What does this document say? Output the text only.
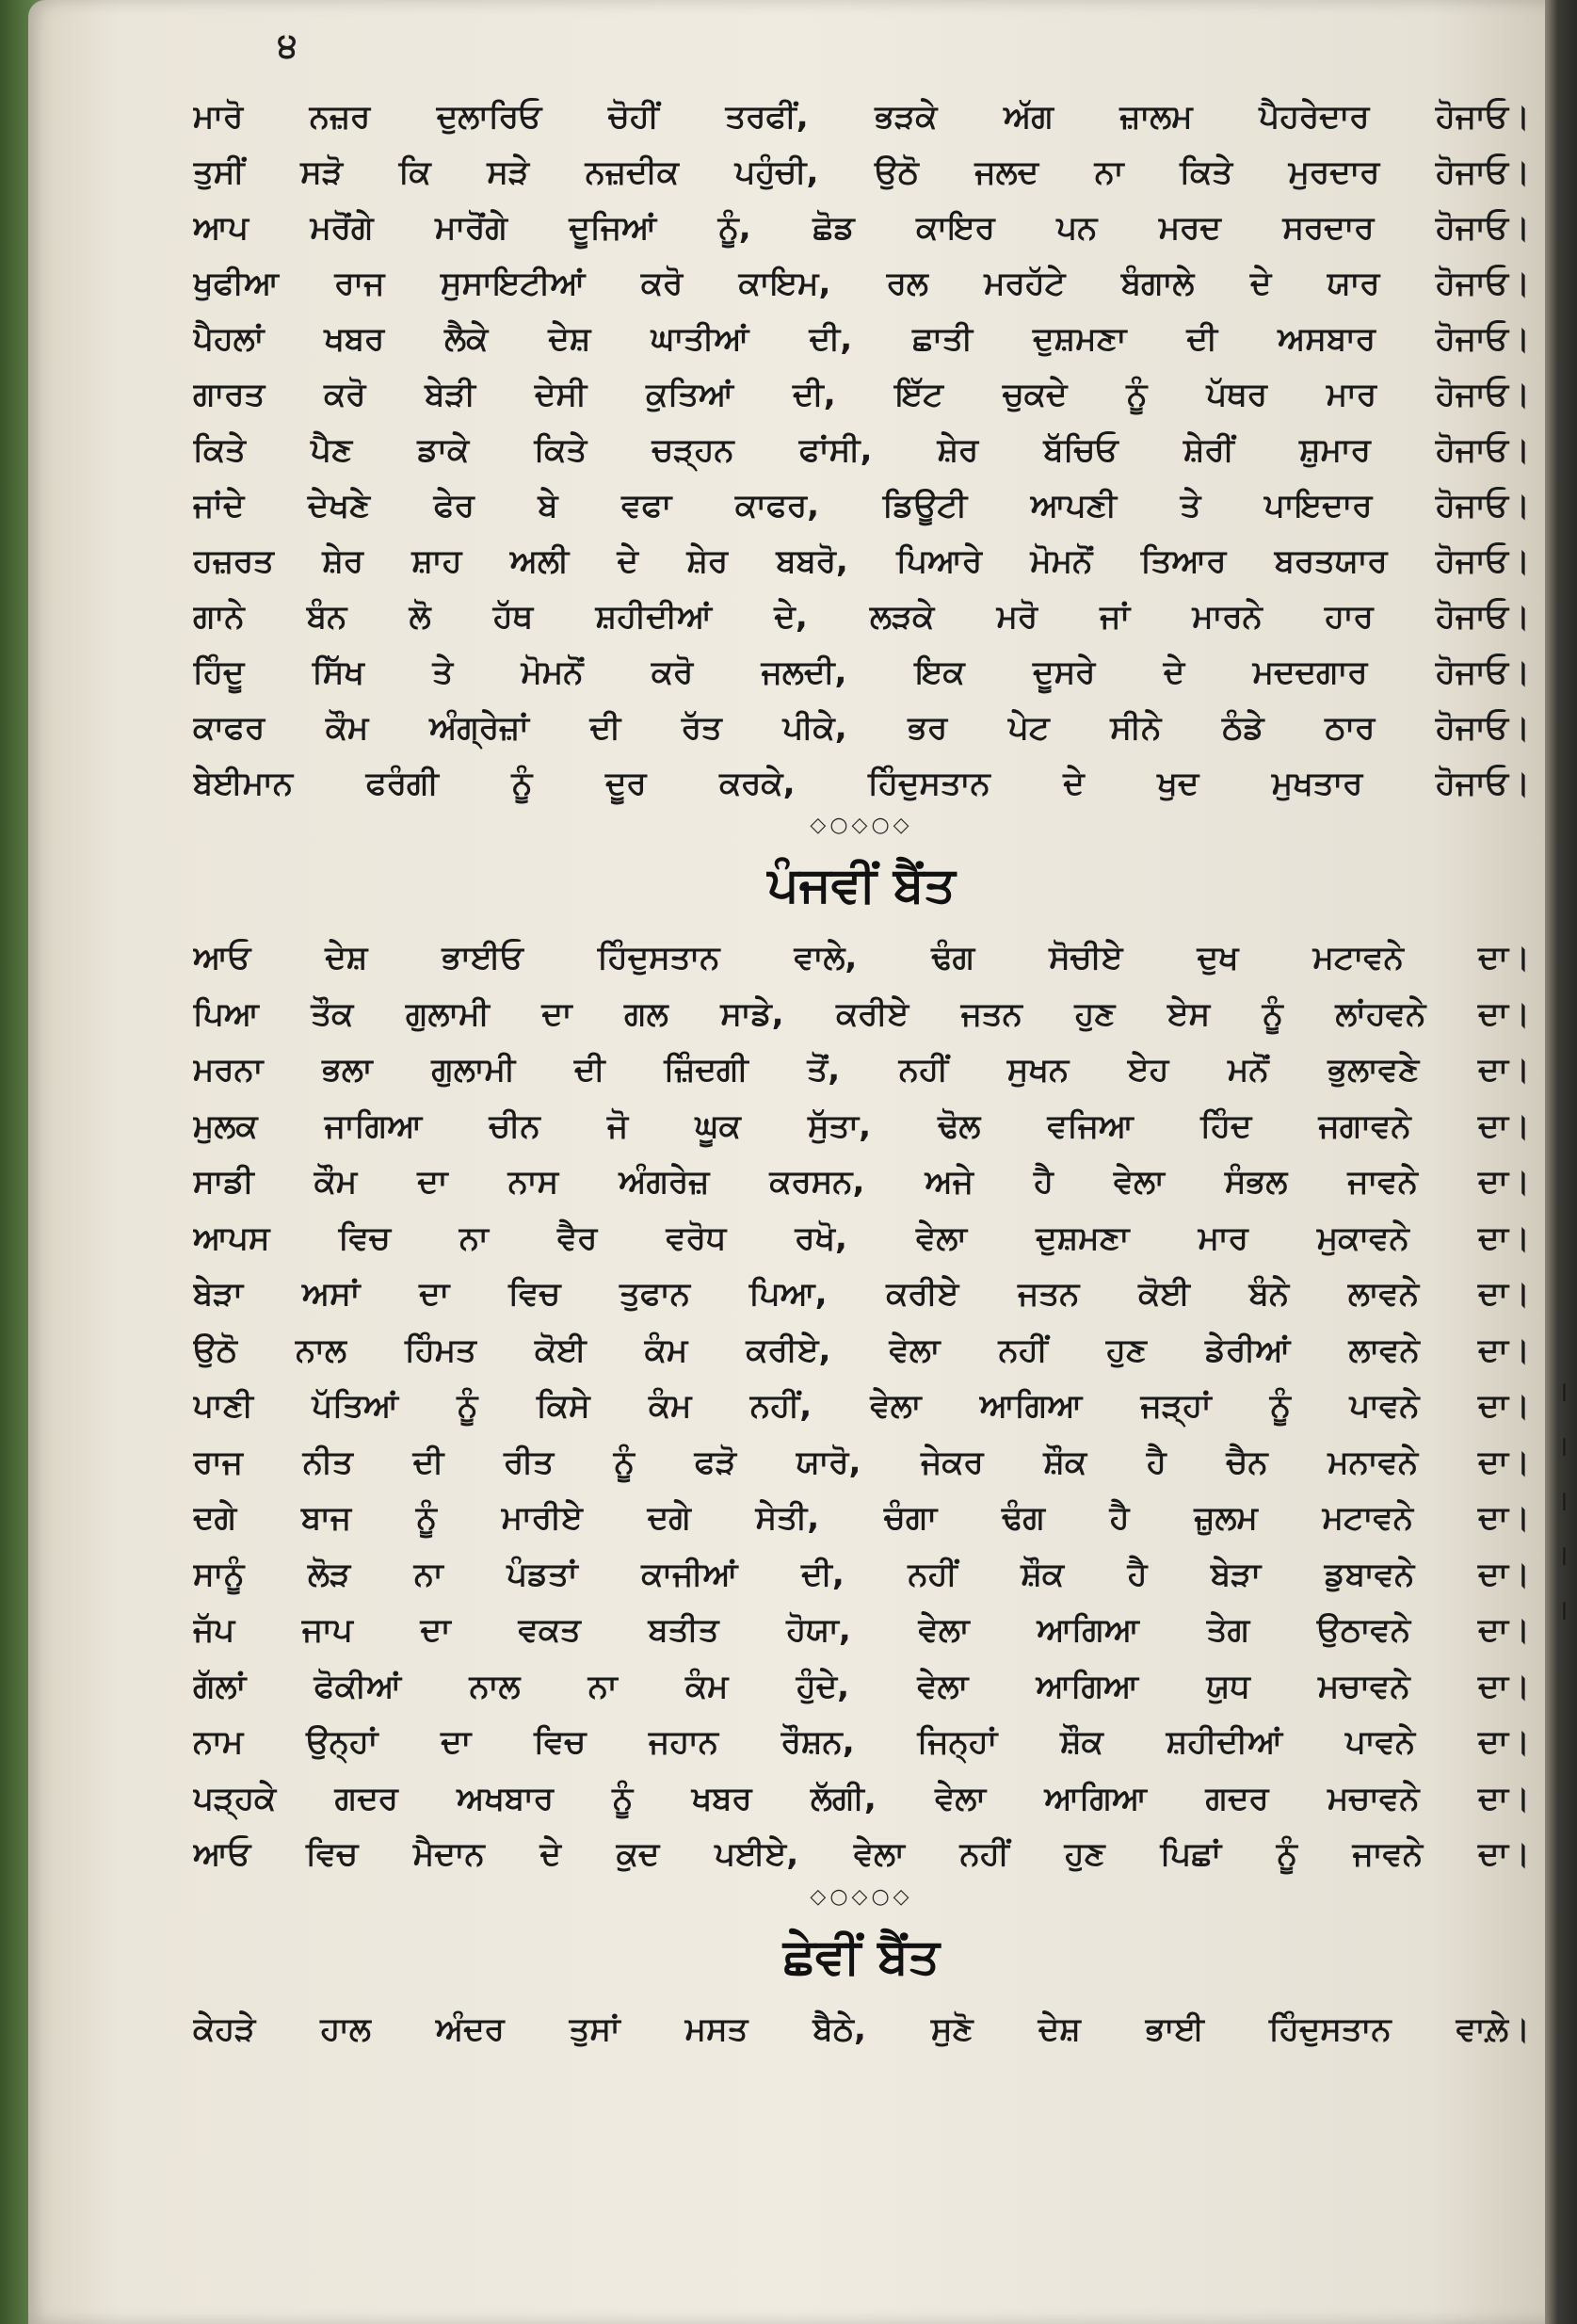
੪
ਮਾਰੋ ਨਜ਼ਰ ਦੁਲਾਰਿਓ ਚੋਹੀਂ ਤਰਫੀਂ, ਭੜਕੇ ਅੱਗ ਜ਼ਾਲਮ ਪੈਹਰੇਦਾਰ ਹੋਜਾਓ।
ਤੁਸੀਂ ਸੜੋ ਕਿ ਸੜੇ ਨਜ਼ਦੀਕ ਪਹੁੰਚੀ, ਉਠੋ ਜਲਦ ਨਾ ਕਿਤੇ ਮੁਰਦਾਰ ਹੋਜਾਓ।
ਆਪ ਮਰੋਂਗੇ ਮਾਰੋਂਗੇ ਦੂਜਿਆਂ ਨੂੰ, ਛੋਡ ਕਾਇਰ ਪਨ ਮਰਦ ਸਰਦਾਰ ਹੋਜਾਓ।
ਖੁਫੀਆ ਰਾਜ ਸੁਸਾਇਟੀਆਂ ਕਰੋ ਕਾਇਮ, ਰਲ ਮਰਹੱਟੇ ਬੰਗਾਲੇ ਦੇ ਯਾਰ ਹੋਜਾਓ।
ਪੈਹਲਾਂ ਖਬਰ ਲੈਕੇ ਦੇਸ਼ ਘਾਤੀਆਂ ਦੀ, ਛਾਤੀ ਦੁਸ਼ਮਣਾ ਦੀ ਅਸਬਾਰ ਹੋਜਾਓ।
ਗਾਰਤ ਕਰੋ ਬੇੜੀ ਦੇਸੀ ਕੁਤਿਆਂ ਦੀ, ਇੱਟ ਚੁਕਦੇ ਨੂੰ ਪੱਥਰ ਮਾਰ ਹੋਜਾਓ।
ਕਿਤੇ ਪੈਣ ਡਾਕੇ ਕਿਤੇ ਚੜ੍ਹਨ ਫਾਂਸੀ, ਸ਼ੇਰ ਬੱਚਿਓ ਸ਼ੇਰੀਂ ਸ਼ੁਮਾਰ ਹੋਜਾਓ।
ਜਾਂਦੇ ਦੇਖਣੇ ਫੇਰ ਬੇ ਵਫਾ ਕਾਫਰ, ਡਿਊਟੀ ਆਪਣੀ ਤੇ ਪਾਇਦਾਰ ਹੋਜਾਓ।
ਹਜ਼ਰਤ ਸ਼ੇਰ ਸ਼ਾਹ ਅਲੀ ਦੇ ਸ਼ੇਰ ਬਬਰੋ, ਪਿਆਰੇ ਮੋਮਨੋਂ ਤਿਆਰ ਬਰਤਯਾਰ ਹੋਜਾਓ।
ਗਾਨੇ ਬੰਨ ਲੋ ਹੱਥ ਸ਼ਹੀਦੀਆਂ ਦੇ, ਲੜਕੇ ਮਰੋ ਜਾਂ ਮਾਰਨੇ ਹਾਰ ਹੋਜਾਓ।
ਹਿੰਦੂ ਸਿੱਖ ਤੇ ਮੋਮਨੋਂ ਕਰੋ ਜਲਦੀ, ਇਕ ਦੂਸਰੇ ਦੇ ਮਦਦਗਾਰ ਹੋਜਾਓ।
ਕਾਫਰ ਕੌਮ ਅੰਗ੍ਰੇਜ਼ਾਂ ਦੀ ਰੱਤ ਪੀਕੇ, ਭਰ ਪੇਟ ਸੀਨੇ ਠੰਡੇ ਠਾਰ ਹੋਜਾਓ।
ਬੇਈਮਾਨ ਫਰੰਗੀ ਨੂੰ ਦੂਰ ਕਰਕੇ, ਹਿੰਦੁਸਤਾਨ ਦੇ ਖੁਦ ਮੁਖਤਾਰ ਹੋਜਾਓ।
◇○◇○◇
ਪੰਜਵੀਂ ਬੈਂਤ
ਆਓ ਦੇਸ਼ ਭਾਈਓ ਹਿੰਦੁਸਤਾਨ ਵਾਲੇ, ਢੰਗ ਸੋਚੀਏ ਦੁਖ ਮਟਾਵਨੇ ਦਾ।
ਪਿਆ ਤੌਕ ਗੁਲਾਮੀ ਦਾ ਗਲ ਸਾਡੇ, ਕਰੀਏ ਜਤਨ ਹੁਣ ਏਸ ਨੂੰ ਲਾਂਹਵਨੇ ਦਾ।
ਮਰਨਾ ਭਲਾ ਗੁਲਾਮੀ ਦੀ ਜ਼ਿੰਦਗੀ ਤੋਂ, ਨਹੀਂ ਸੁਖਨ ਏਹ ਮਨੋਂ ਭੁਲਾਵਣੇ ਦਾ।
ਮੁਲਕ ਜਾਗਿਆ ਚੀਨ ਜੋ ਘੂਕ ਸੁੱਤਾ, ਢੋਲ ਵਜਿਆ ਹਿੰਦ ਜਗਾਵਨੇ ਦਾ।
ਸਾਡੀ ਕੌਮ ਦਾ ਨਾਸ ਅੰਗਰੇਜ਼ ਕਰਸਨ, ਅਜੇ ਹੈ ਵੇਲਾ ਸੰਭਲ ਜਾਵਨੇ ਦਾ।
ਆਪਸ ਵਿਚ ਨਾ ਵੈਰ ਵਰੋਧ ਰਖੋ, ਵੇਲਾ ਦੁਸ਼ਮਣਾ ਮਾਰ ਮੁਕਾਵਨੇ ਦਾ।
ਬੇੜਾ ਅਸਾਂ ਦਾ ਵਿਚ ਤੁਫਾਨ ਪਿਆ, ਕਰੀਏ ਜਤਨ ਕੋਈ ਬੰਨੇ ਲਾਵਨੇ ਦਾ।
ਉਠੋ ਨਾਲ ਹਿੰਮਤ ਕੋਈ ਕੰਮ ਕਰੀਏ, ਵੇਲਾ ਨਹੀਂ ਹੁਣ ਡੇਰੀਆਂ ਲਾਵਨੇ ਦਾ।
ਪਾਣੀ ਪੱਤਿਆਂ ਨੂੰ ਕਿਸੇ ਕੰਮ ਨਹੀਂ, ਵੇਲਾ ਆਗਿਆ ਜੜ੍ਹਾਂ ਨੂੰ ਪਾਵਨੇ ਦਾ।
ਰਾਜ ਨੀਤ ਦੀ ਰੀਤ ਨੂੰ ਫੜੋ ਯਾਰੋ, ਜੇਕਰ ਸ਼ੌਕ ਹੈ ਚੈਨ ਮਨਾਵਨੇ ਦਾ।
ਦਗੇ ਬਾਜ ਨੂੰ ਮਾਰੀਏ ਦਗੇ ਸੇਤੀ, ਚੰਗਾ ਢੰਗ ਹੈ ਜ਼ੁਲਮ ਮਟਾਵਨੇ ਦਾ।
ਸਾਨੂੰ ਲੋੜ ਨਾ ਪੰਡਤਾਂ ਕਾਜੀਆਂ ਦੀ, ਨਹੀਂ ਸ਼ੌਕ ਹੈ ਬੇੜਾ ਡੁਬਾਵਨੇ ਦਾ।
ਜੱਪ ਜਾਪ ਦਾ ਵਕਤ ਬਤੀਤ ਹੋਯਾ, ਵੇਲਾ ਆਗਿਆ ਤੇਗ ਉਠਾਵਨੇ ਦਾ।
ਗੱਲਾਂ ਫੋਕੀਆਂ ਨਾਲ ਨਾ ਕੰਮ ਹੁੰਦੇ, ਵੇਲਾ ਆਗਿਆ ਯੁਧ ਮਚਾਵਨੇ ਦਾ।
ਨਾਮ ਉਨ੍ਹਾਂ ਦਾ ਵਿਚ ਜਹਾਨ ਰੌਸ਼ਨ, ਜਿਨ੍ਹਾਂ ਸ਼ੌਕ ਸ਼ਹੀਦੀਆਂ ਪਾਵਨੇ ਦਾ।
ਪੜ੍ਹਕੇ ਗਦਰ ਅਖਬਾਰ ਨੂੰ ਖਬਰ ਲੱਗੀ, ਵੇਲਾ ਆਗਿਆ ਗਦਰ ਮਚਾਵਨੇ ਦਾ।
ਆਓ ਵਿਚ ਮੈਦਾਨ ਦੇ ਕੁਦ ਪਈਏ, ਵੇਲਾ ਨਹੀਂ ਹੁਣ ਪਿਛਾਂ ਨੂੰ ਜਾਵਨੇ ਦਾ।
◇○◇○◇
ਛੇਵੀਂ ਬੈਂਤ
ਕੇਹੜੇ ਹਾਲ ਅੰਦਰ ਤੁਸਾਂ ਮਸਤ ਬੈਠੇ, ਸੁਣੋ ਦੇਸ਼ ਭਾਈ ਹਿੰਦੁਸਤਾਨ ਵਾਲ਼ੇ।
।
।
।
।
।
